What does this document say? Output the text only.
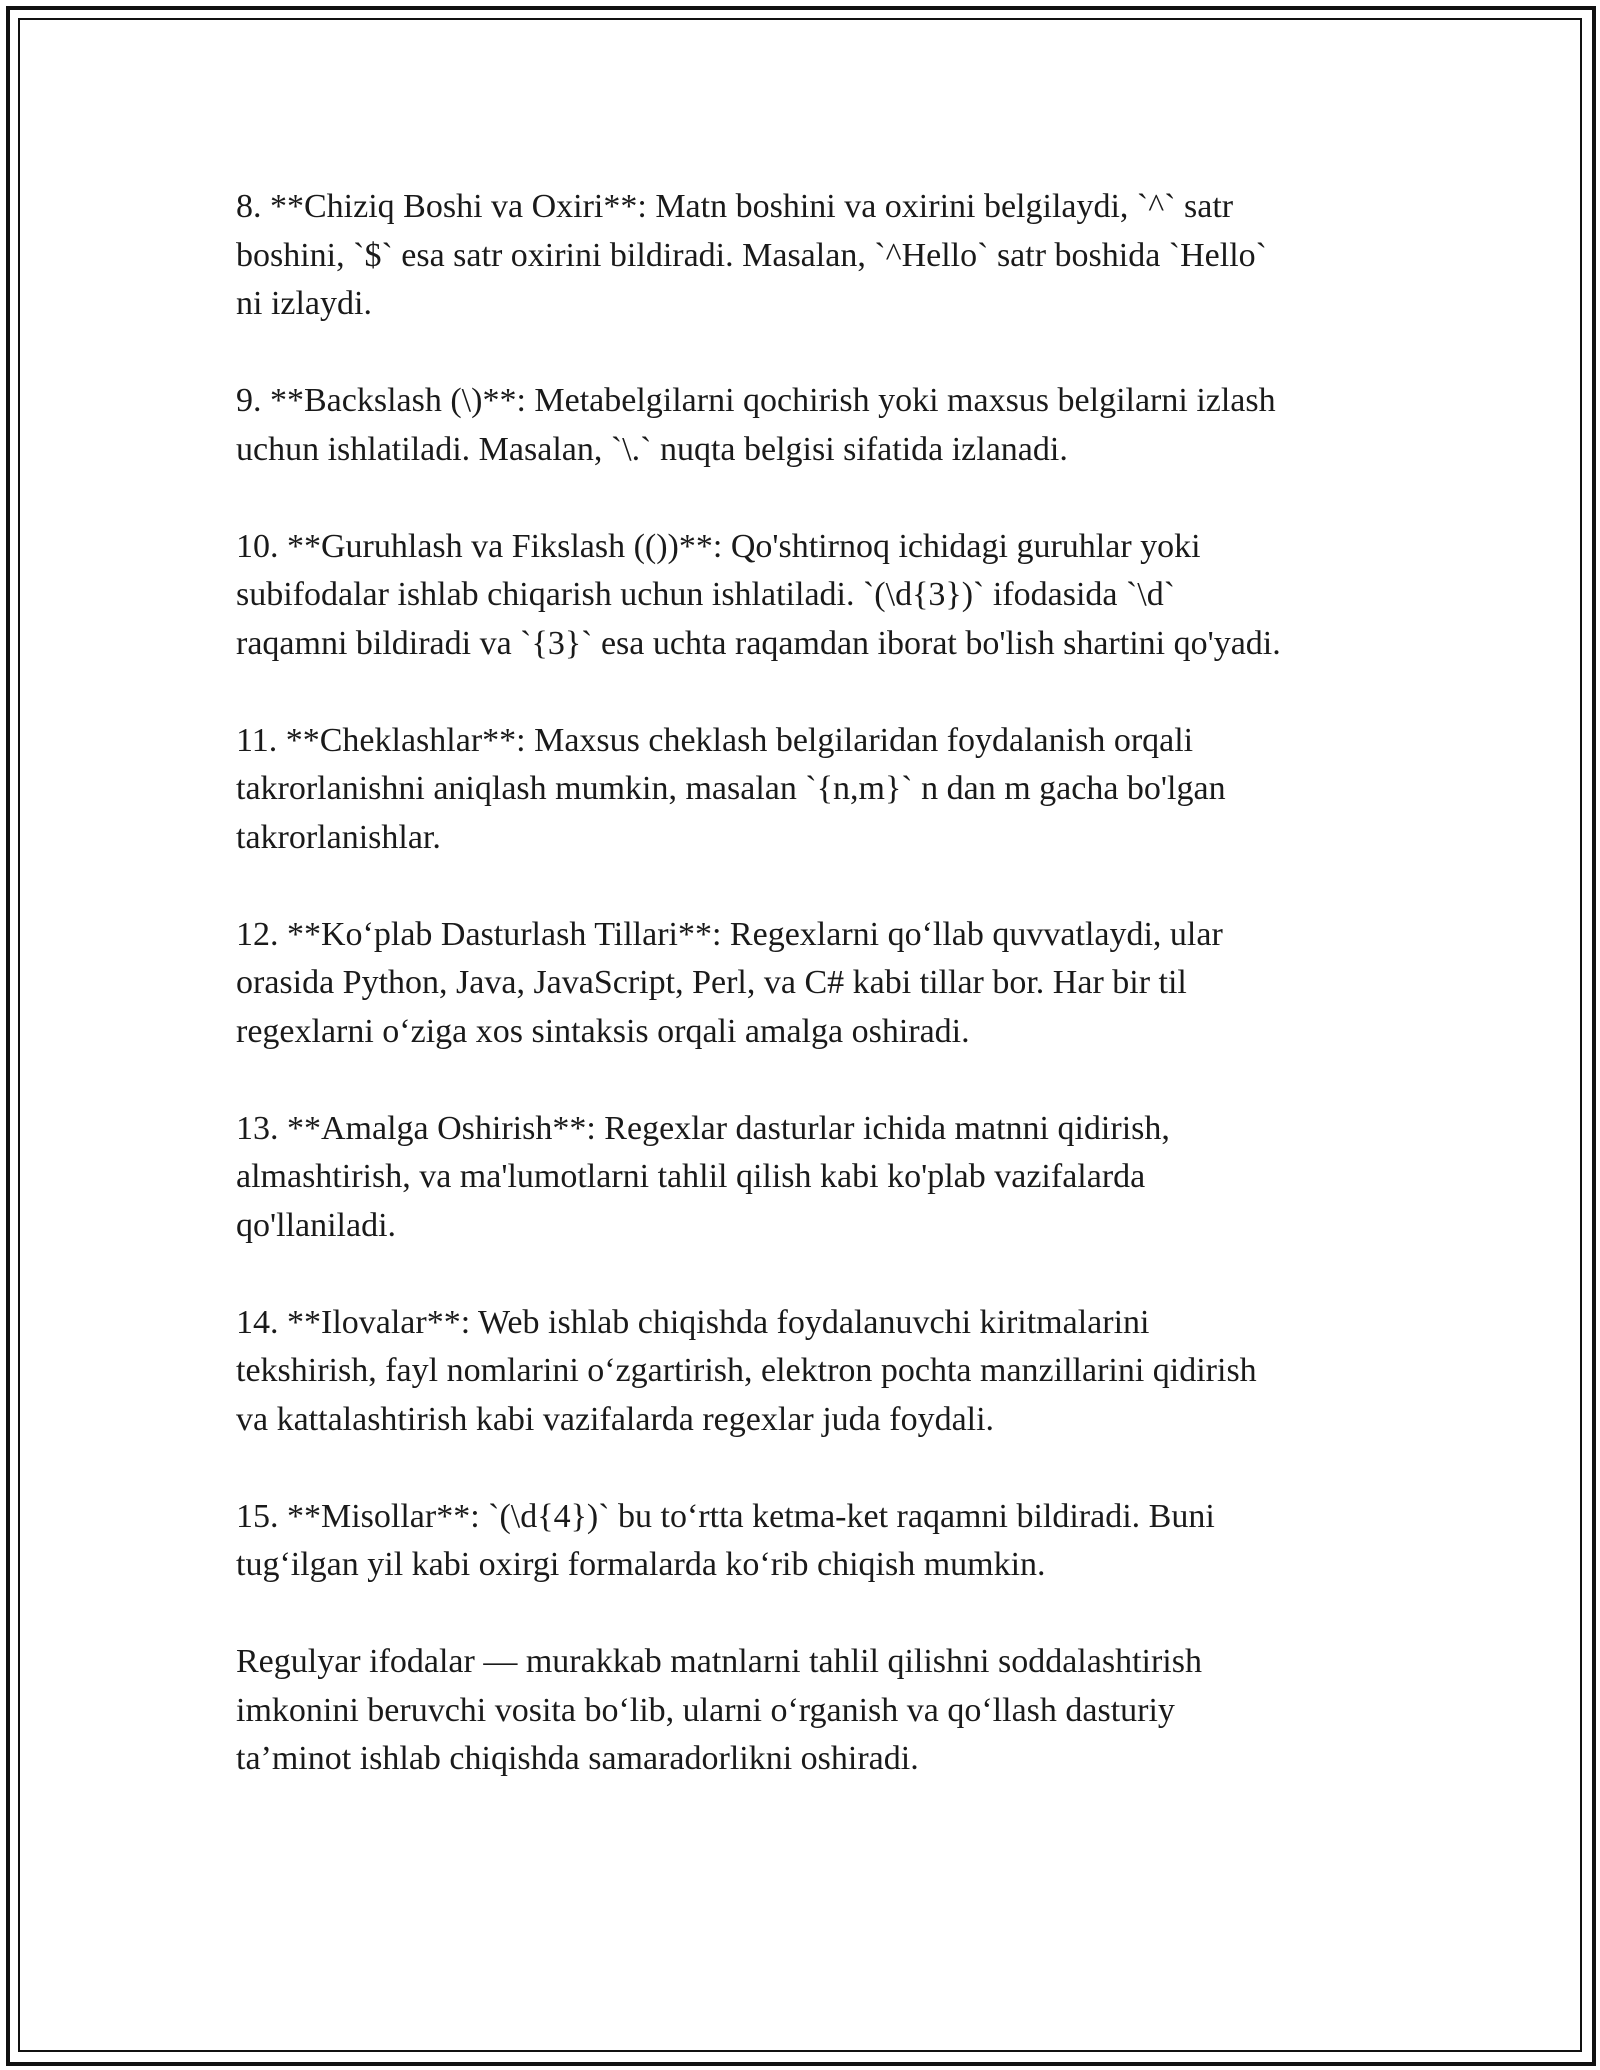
8. **Chiziq Boshi va Oxiri**: Matn boshini va oxirini belgilaydi, `^` satr
boshini, `$` esa satr oxirini bildiradi. Masalan, `^Hello` satr boshida `Hello`
ni izlaydi.

9. **Backslash (\)**: Metabelgilarni qochirish yoki maxsus belgilarni izlash
uchun ishlatiladi. Masalan, `\.` nuqta belgisi sifatida izlanadi.

10. **Guruhlash va Fikslash (())**: Qo'shtirnoq ichidagi guruhlar yoki
subifodalar ishlab chiqarish uchun ishlatiladi. `(\d{3})` ifodasida `\d`
raqamni bildiradi va `{3}` esa uchta raqamdan iborat bo'lish shartini qo'yadi.

11. **Cheklashlar**: Maxsus cheklash belgilaridan foydalanish orqali
takrorlanishni aniqlash mumkin, masalan `{n,m}` n dan m gacha bo'lgan
takrorlanishlar.

12. **Ko‘plab Dasturlash Tillari**: Regexlarni qo‘llab quvvatlaydi, ular
orasida Python, Java, JavaScript, Perl, va C# kabi tillar bor. Har bir til
regexlarni o‘ziga xos sintaksis orqali amalga oshiradi.

13. **Amalga Oshirish**: Regexlar dasturlar ichida matnni qidirish,
almashtirish, va ma'lumotlarni tahlil qilish kabi ko'plab vazifalarda
qo'llaniladi.

14. **Ilovalar**: Web ishlab chiqishda foydalanuvchi kiritmalarini
tekshirish, fayl nomlarini o‘zgartirish, elektron pochta manzillarini qidirish
va kattalashtirish kabi vazifalarda regexlar juda foydali.

15. **Misollar**: `(\d{4})` bu to‘rtta ketma-ket raqamni bildiradi. Buni
tug‘ilgan yil kabi oxirgi formalarda ko‘rib chiqish mumkin.

Regulyar ifodalar — murakkab matnlarni tahlil qilishni soddalashtirish
imkonini beruvchi vosita bo‘lib, ularni o‘rganish va qo‘llash dasturiy
ta’minot ishlab chiqishda samaradorlikni oshiradi.
